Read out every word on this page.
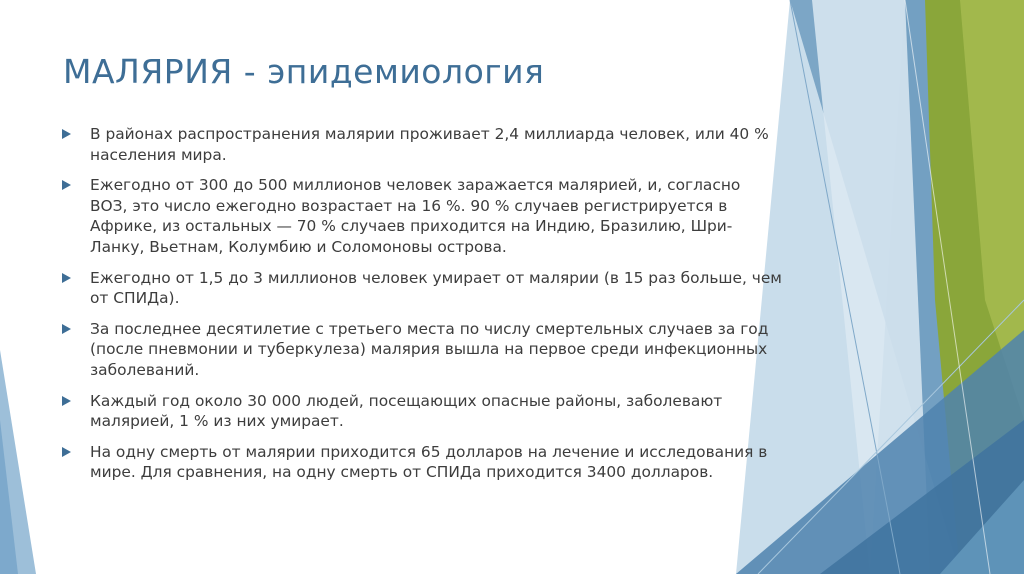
МАЛЯРИЯ - эпидемиология
В районах распространения малярии проживает 2,4 миллиарда человек, или 40 % населения мира.
Ежегодно от 300 до 500 миллионов человек заражается малярией, и, согласно ВОЗ, это число ежегодно возрастает на 16 %. 90 % случаев регистрируется в Африке, из остальных — 70 % случаев приходится на Индию, Бразилию, Шри-Ланку, Вьетнам, Колумбию и Соломоновы острова.
Ежегодно от 1,5 до 3 миллионов человек умирает от малярии (в 15 раз больше, чем от СПИДа).
За последнее десятилетие с третьего места по числу смертельных случаев за год (после пневмонии и туберкулеза) малярия вышла на первое среди инфекционных заболеваний.
Каждый год около 30 000 людей, посещающих опасные районы, заболевают малярией, 1 % из них умирает.
На одну смерть от малярии приходится 65 долларов на лечение и исследования в мире. Для сравнения, на одну смерть от СПИДа приходится 3400 долларов.
